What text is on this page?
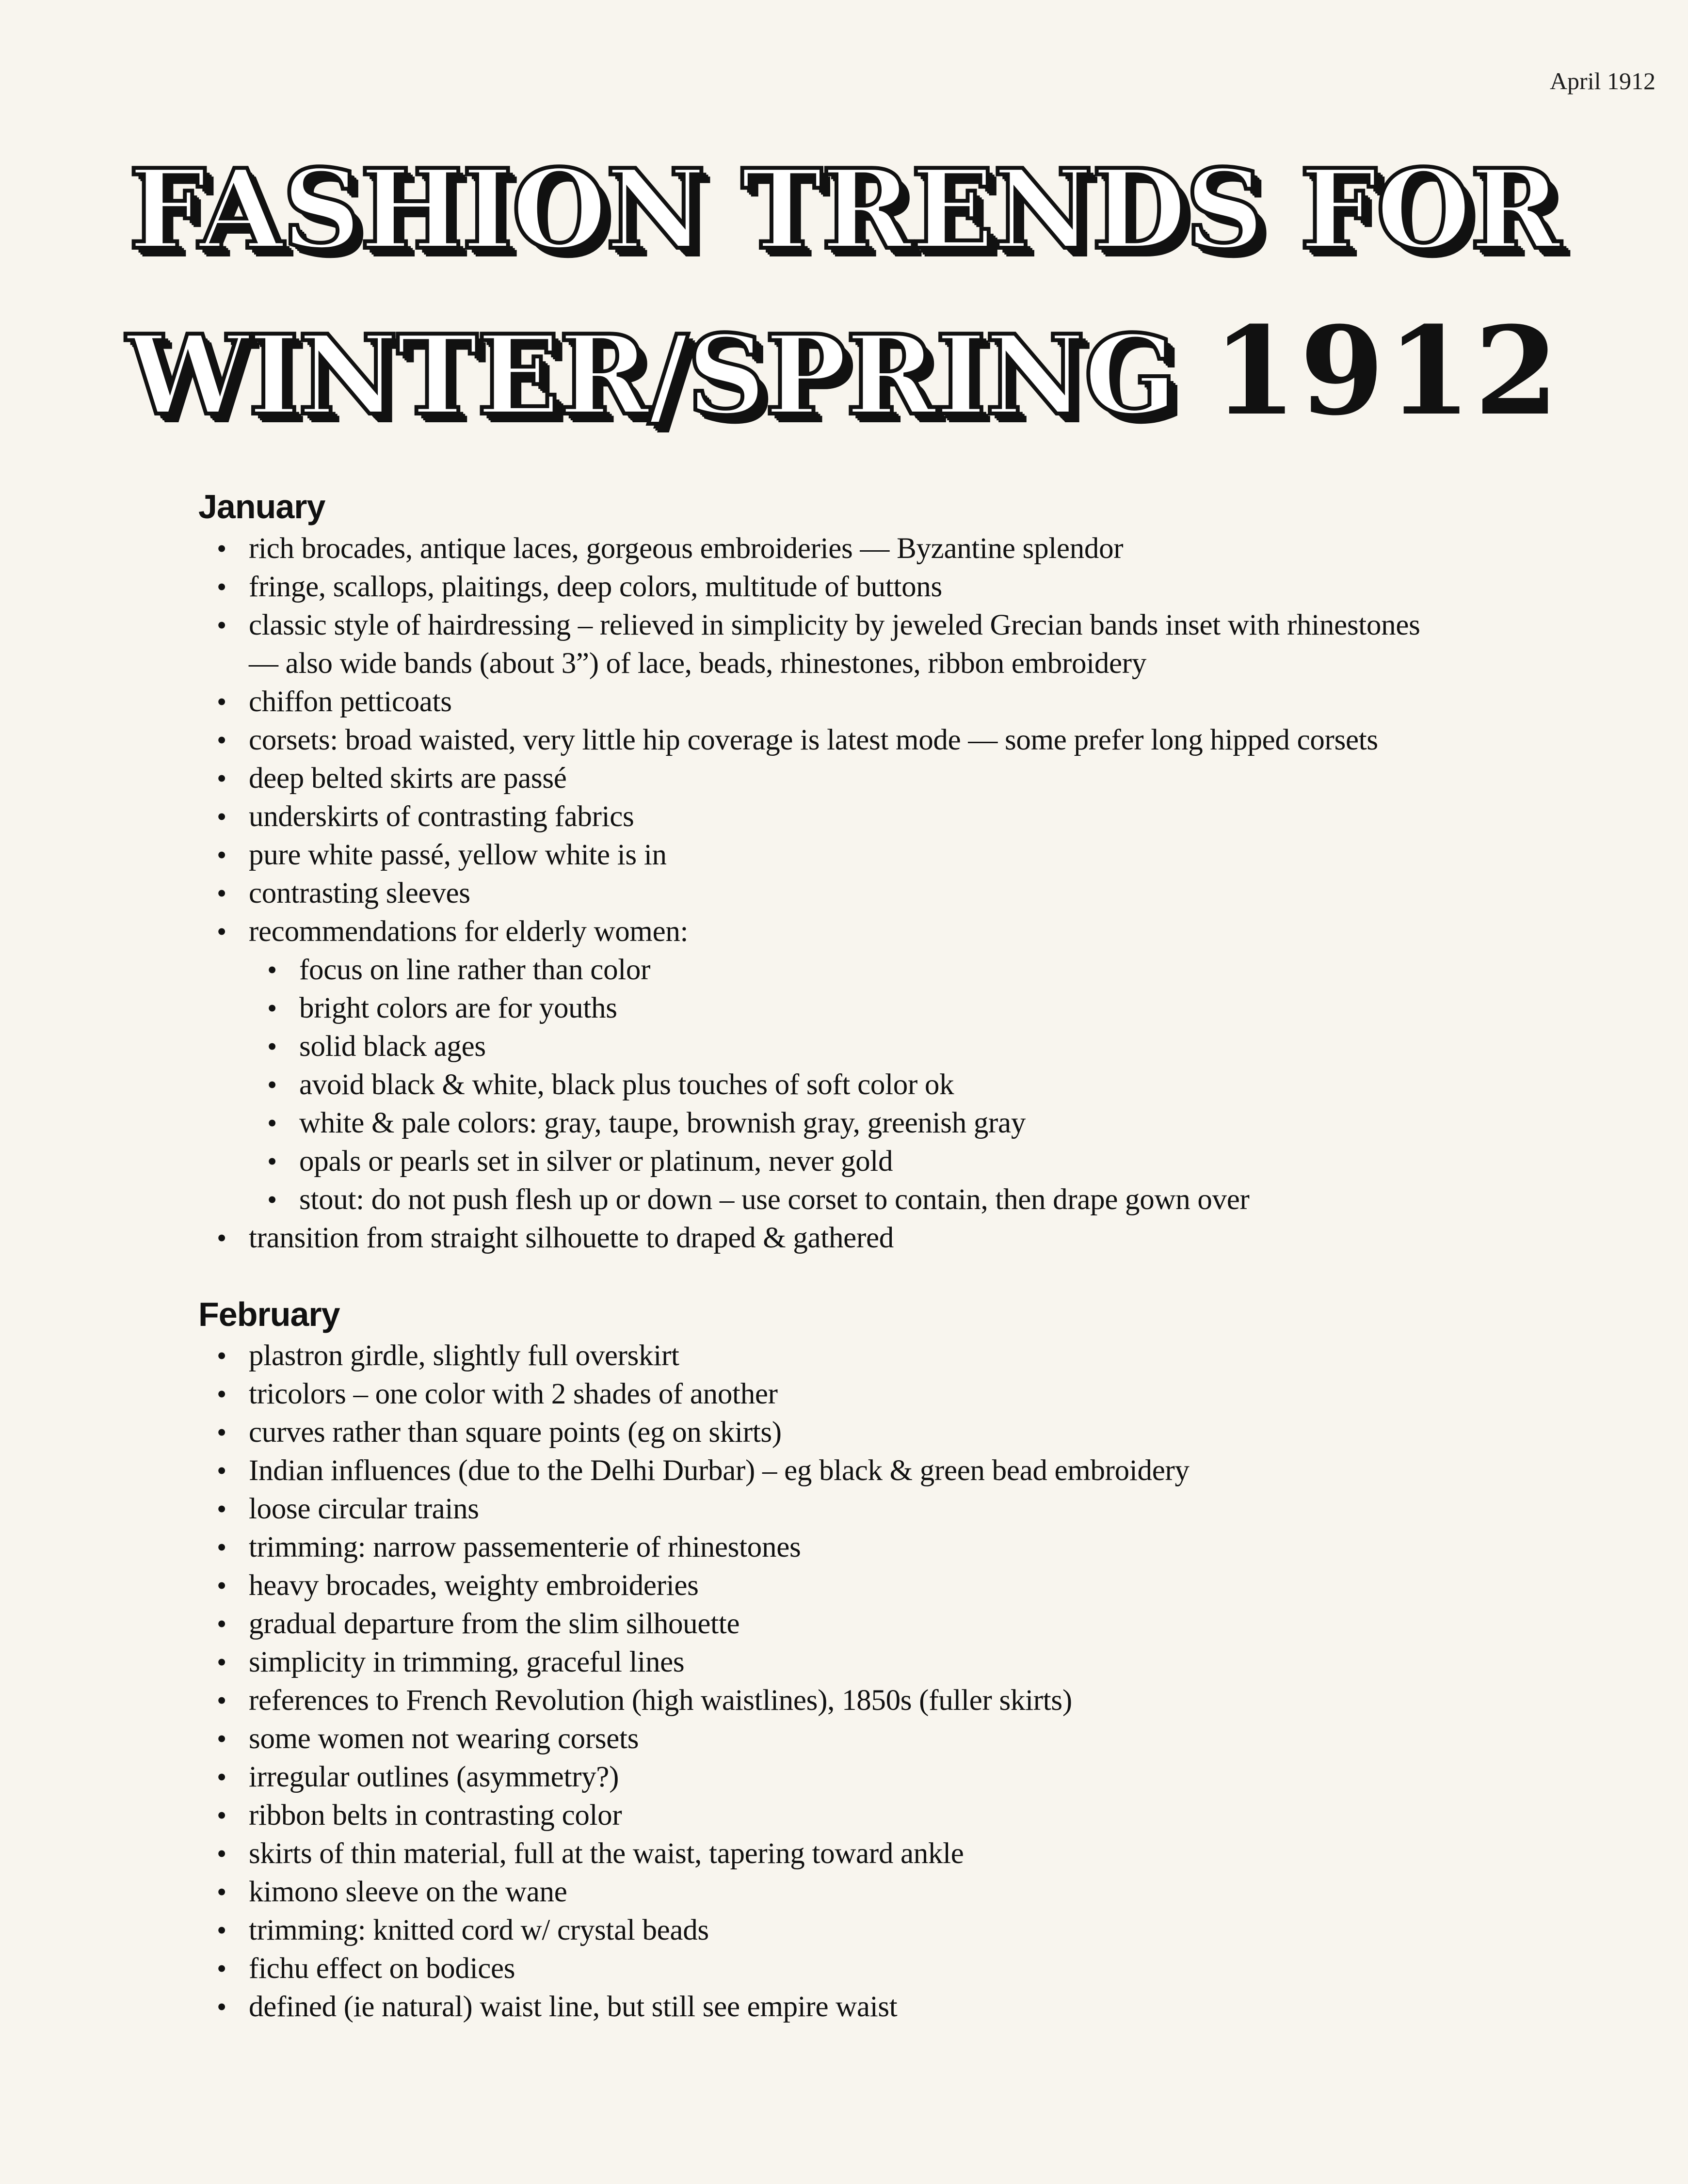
April 1912
FASHION TRENDS FOR
WINTER/SPRING 1912
January
• rich brocades, antique laces, gorgeous embroideries — Byzantine splendor
• fringe, scallops, plaitings, deep colors, multitude of buttons
• classic style of hairdressing – relieved in simplicity by jeweled Grecian bands inset with rhinestones
— also wide bands (about 3”) of lace, beads, rhinestones, ribbon embroidery
• chiffon petticoats
• corsets: broad waisted, very little hip coverage is latest mode — some prefer long hipped corsets
• deep belted skirts are passé
• underskirts of contrasting fabrics
• pure white passé, yellow white is in
• contrasting sleeves
• recommendations for elderly women:
• focus on line rather than color
• bright colors are for youths
• solid black ages
• avoid black & white, black plus touches of soft color ok
• white & pale colors: gray, taupe, brownish gray, greenish gray
• opals or pearls set in silver or platinum, never gold
• stout: do not push flesh up or down – use corset to contain, then drape gown over
• transition from straight silhouette to draped & gathered
February
• plastron girdle, slightly full overskirt
• tricolors – one color with 2 shades of another
• curves rather than square points (eg on skirts)
• Indian influences (due to the Delhi Durbar) – eg black & green bead embroidery
• loose circular trains
• trimming: narrow passementerie of rhinestones
• heavy brocades, weighty embroideries
• gradual departure from the slim silhouette
• simplicity in trimming, graceful lines
• references to French Revolution (high waistlines), 1850s (fuller skirts)
• some women not wearing corsets
• irregular outlines (asymmetry?)
• ribbon belts in contrasting color
• skirts of thin material, full at the waist, tapering toward ankle
• kimono sleeve on the wane
• trimming: knitted cord w/ crystal beads
• fichu effect on bodices
• defined (ie natural) waist line, but still see empire waist
